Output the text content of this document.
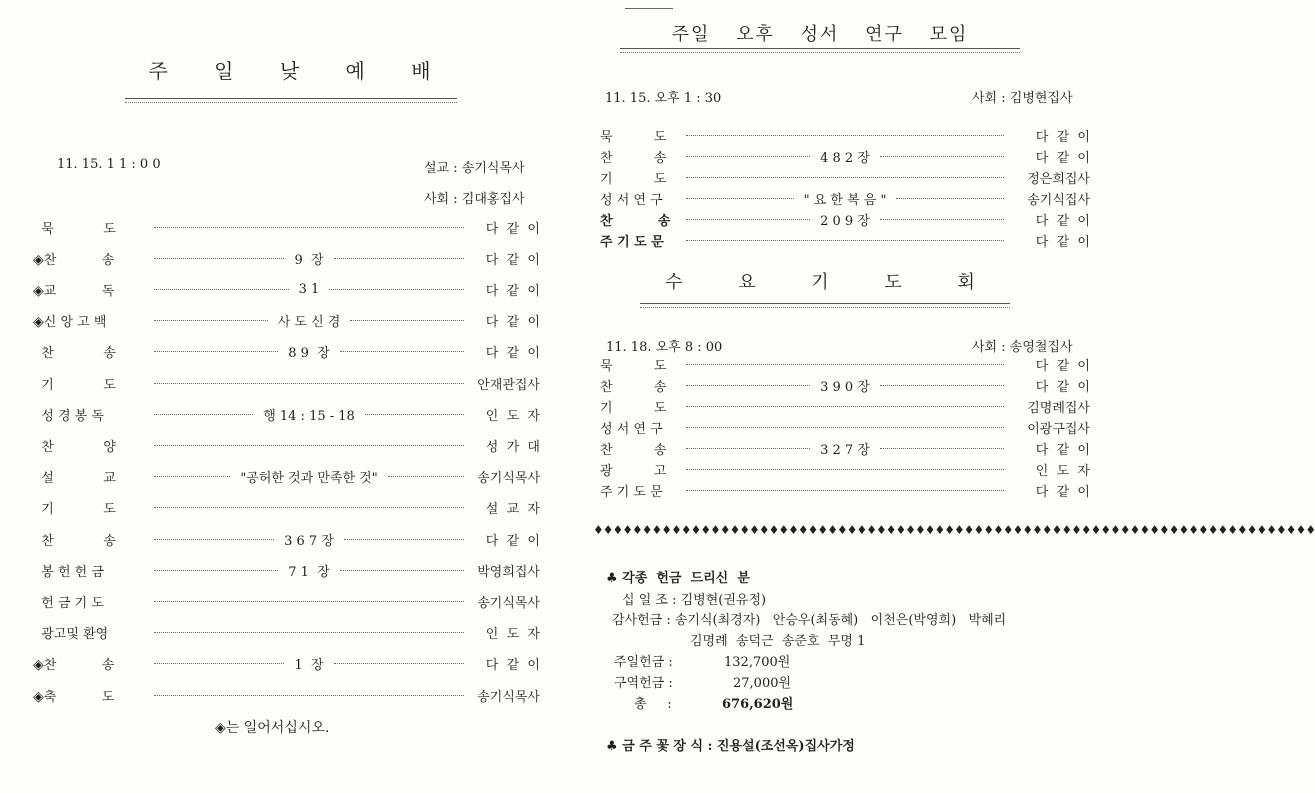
주 일 낮 예 배
11. 15. 1 1 : 0 0	설교 : 송기식목사
사회 : 김대홍집사
묵            도	다  같  이
◈찬           송	9  장	다  같  이
◈교           독	3 1	다  같  이
◈신 앙 고 백	사 도 신 경	다  같  이
찬            송	8 9  장	다  같  이
기            도	안재관집사
성 경 봉 독	행 14 : 15 - 18	인  도  자
찬            양	성  가  대
설            교	"공허한 것과 만족한 것"	송기식목사
기            도	설  교  자
찬            송	3 6 7 장	다  같  이
봉 헌 헌 금	7 1  장	박영희집사
헌 금 기 도	송기식목사
광고및 환영	인  도  자
◈찬           송	1  장	다  같  이
◈축           도	송기식목사
◈는 일어서십시오.
주일 오후 성서 연구 모임
11. 15. 오후 1 : 30	사회 : 김병현집사
묵          도	다  같  이
찬          송	4 8 2 장	다  같  이
기          도	정은희집사
성 서 연 구	" 요 한 복 음 "	송기식집사
찬          송	2 0 9 장	다  같  이
주 기 도 문	다  같  이
수 요 기 도 회
11. 18. 오후 8 : 00	사회 : 송영철집사
묵          도	다  같  이
찬          송	3 9 0 장	다  같  이
기          도	김명례집사
성 서 연 구	이광구집사
찬          송	3 2 7 장	다  같  이
광          고	인  도  자
주 기 도 문	다  같  이
♦♦♦♦♦♦♦♦♦♦♦♦♦♦♦♦♦♦♦♦♦♦♦♦♦♦♦♦♦♦♦♦♦♦♦♦♦♦♦♦♦♦♦♦♦♦♦♦♦♦♦♦♦♦♦♦♦♦♦♦♦♦♦♦♦♦♦♦♦♦♦♦♦♦
♣ 각종  헌금  드리신  분
십 일 조 : 김병현(권유정)
감사헌금 : 송기식(최경자)   안승우(최동혜)   이천은(박영희)   박혜리
김명례  송덕근  송준호  무명 1
주일헌금 :	132,700원
구역헌금 :	27,000원
총     :	676,620원
♣ 금 주 꽃 장 식 : 진용설(조선옥)집사가정
